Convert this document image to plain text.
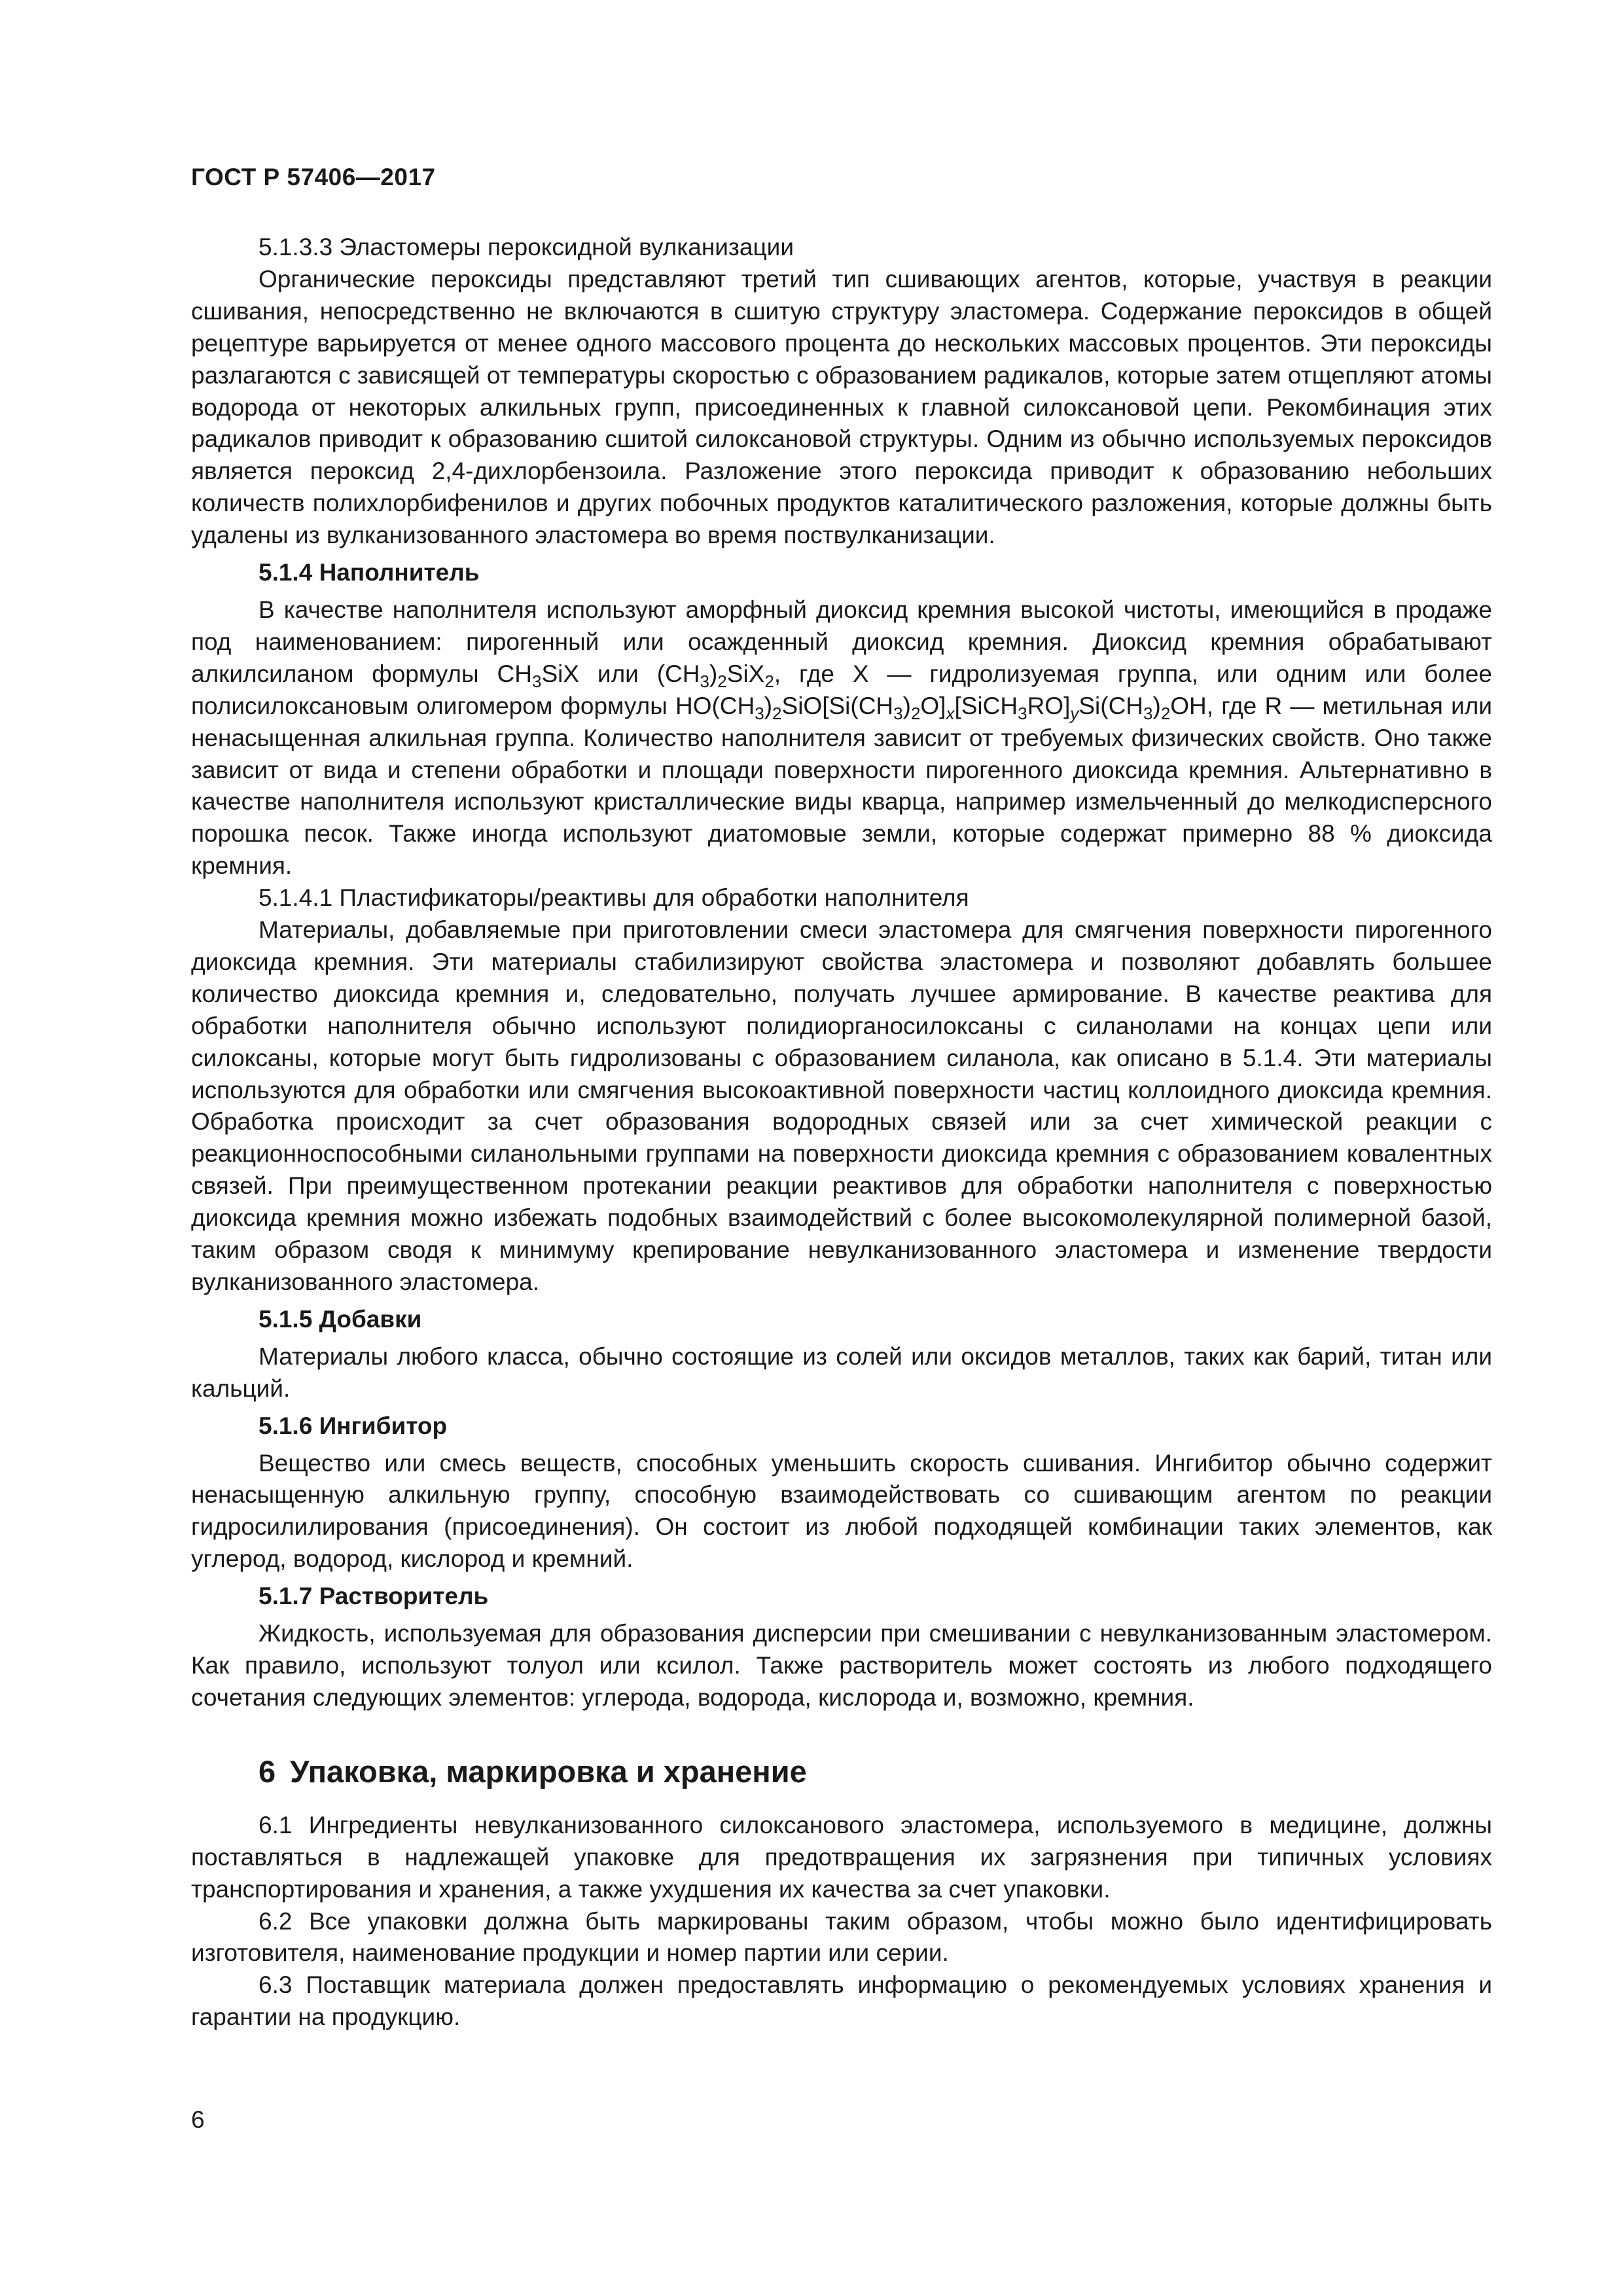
ГОСТ Р 57406—2017

5.1.3.3 Эластомеры пероксидной вулканизации

Органические пероксиды представляют третий тип сшивающих агентов, которые, участвуя в реакции сшивания, непосредственно не включаются в сшитую структуру эластомера. Содержание пероксидов в общей рецептуре варьируется от менее одного массового процента до нескольких массовых процентов. Эти пероксиды разлагаются с зависящей от температуры скоростью с образованием радикалов, которые затем отщепляют атомы водорода от некоторых алкильных групп, присоединенных к главной силоксановой цепи. Рекомбинация этих радикалов приводит к образованию сшитой силоксановой структуры. Одним из обычно используемых пероксидов является пероксид 2,4-дихлорбензоила. Разложение этого пероксида приводит к образованию небольших количеств полихлорбифенилов и других побочных продуктов каталитического разложения, которые должны быть удалены из вулканизованного эластомера во время поствулканизации.

5.1.4 Наполнитель

В качестве наполнителя используют аморфный диоксид кремния высокой чистоты, имеющийся в продаже под наименованием: пирогенный или осажденный диоксид кремния. Диоксид кремния обрабатывают алкилсиланом формулы $CH_3SiX$ или $(CH_3)_2SiX_2$, где X — гидролизуемая группа, или одним или более полисилоксановым олигомером формулы $HO(CH_3)_2SiO[Si(CH_3)_2O]_x[SiCH_3RO]_ySi(CH_3)_2OH$, где R — метильная или ненасыщенная алкильная группа. Количество наполнителя зависит от требуемых физических свойств. Оно также зависит от вида и степени обработки и площади поверхности пирогенного диоксида кремния. Альтернативно в качестве наполнителя используют кристаллические виды кварца, например измельченный до мелкодисперсного порошка песок. Также иногда используют диатомовые земли, которые содержат примерно 88 % диоксида кремния.

5.1.4.1 Пластификаторы/реактивы для обработки наполнителя

Материалы, добавляемые при приготовлении смеси эластомера для смягчения поверхности пирогенного диоксида кремния. Эти материалы стабилизируют свойства эластомера и позволяют добавлять большее количество диоксида кремния и, следовательно, получать лучшее армирование. В качестве реактива для обработки наполнителя обычно используют полидиорганосилоксаны с силанолами на концах цепи или силоксаны, которые могут быть гидролизованы с образованием силанола, как описано в 5.1.4. Эти материалы используются для обработки или смягчения высокоактивной поверхности частиц коллоидного диоксида кремния. Обработка происходит за счет образования водородных связей или за счет химической реакции с реакционноспособными силанольными группами на поверхности диоксида кремния с образованием ковалентных связей. При преимущественном протекании реакции реактивов для обработки наполнителя с поверхностью диоксида кремния можно избежать подобных взаимодействий с более высокомолекулярной полимерной базой, таким образом сводя к минимуму крепирование невулканизованного эластомера и изменение твердости вулканизованного эластомера.

5.1.5 Добавки

Материалы любого класса, обычно состоящие из солей или оксидов металлов, таких как барий, титан или кальций.

5.1.6 Ингибитор

Вещество или смесь веществ, способных уменьшить скорость сшивания. Ингибитор обычно содержит ненасыщенную алкильную группу, способную взаимодействовать со сшивающим агентом по реакции гидросилилирования (присоединения). Он состоит из любой подходящей комбинации таких элементов, как углерод, водород, кислород и кремний.

5.1.7 Растворитель

Жидкость, используемая для образования дисперсии при смешивании с невулканизованным эластомером. Как правило, используют толуол или ксилол. Также растворитель может состоять из любого подходящего сочетания следующих элементов: углерода, водорода, кислорода и, возможно, кремния.

6 Упаковка, маркировка и хранение

6.1 Ингредиенты невулканизованного силоксанового эластомера, используемого в медицине, должны поставляться в надлежащей упаковке для предотвращения их загрязнения при типичных условиях транспортирования и хранения, а также ухудшения их качества за счет упаковки.

6.2 Все упаковки должна быть маркированы таким образом, чтобы можно было идентифицировать изготовителя, наименование продукции и номер партии или серии.

6.3 Поставщик материала должен предоставлять информацию о рекомендуемых условиях хранения и гарантии на продукцию.

6
